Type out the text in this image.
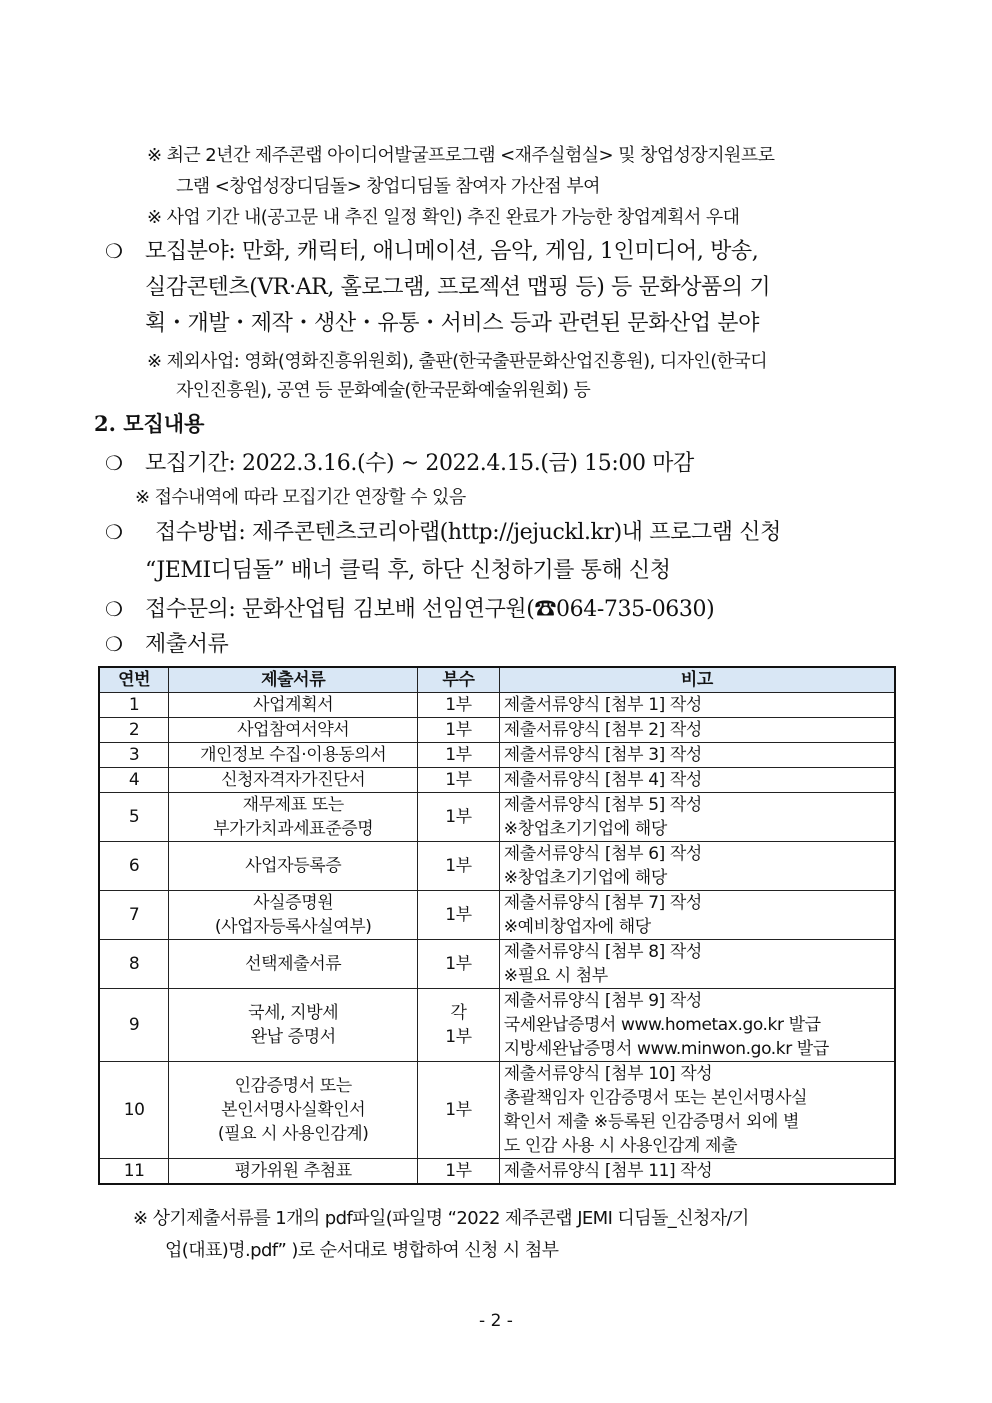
※ 최근 2년간 제주콘랩 아이디어발굴프로그램 <재주실험실> 및 창업성장지원프로
그램 <창업성장디딤돌> 창업디딤돌 참여자 가산점 부여
※ 사업 기간 내(공고문 내 추진 일정 확인) 추진 완료가 가능한 창업계획서 우대
❍ 모집분야: 만화, 캐릭터, 애니메이션, 음악, 게임, 1인미디어, 방송,
실감콘텐츠(VR·AR, 홀로그램, 프로젝션 맵핑 등) 등 문화상품의 기
획・개발・제작・생산・유통・서비스 등과 관련된 문화산업 분야
※ 제외사업: 영화(영화진흥위원회), 출판(한국출판문화산업진흥원), 디자인(한국디
자인진흥원), 공연 등 문화예술(한국문화예술위원회) 등
2. 모집내용
❍ 모집기간: 2022.3.16.(수) ~ 2022.4.15.(금) 15:00 마감
※ 접수내역에 따라 모집기간 연장할 수 있음
❍ 접수방법: 제주콘텐츠코리아랩(http://jejuckl.kr)내 프로그램 신청
“JEMI디딤돌” 배너 클릭 후, 하단 신청하기를 통해 신청
❍ 접수문의: 문화산업팀 김보배 선임연구원(☎064-735-0630)
❍ 제출서류
연번	제출서류	부수	비고
1	사업계획서	1부	제출서류양식 [첨부 1] 작성

2	사업참여서약서	1부	제출서류양식 [첨부 2] 작성

3	개인정보 수집·이용동의서	1부	제출서류양식 [첨부 3] 작성

4	신청자격자가진단서	1부	제출서류양식 [첨부 4] 작성

5	재무제표 또는
부가가치과세표준증명	1부	제출서류양식 [첨부 5] 작성
※창업초기기업에 해당

6	사업자등록증	1부	제출서류양식 [첨부 6] 작성
※창업초기기업에 해당

7	사실증명원
(사업자등록사실여부)	1부	제출서류양식 [첨부 7] 작성
※예비창업자에 해당

8	선택제출서류	1부	제출서류양식 [첨부 8] 작성
※필요 시 첨부

9	국세, 지방세
완납 증명서	각
1부	제출서류양식 [첨부 9] 작성
국세완납증명서 www.hometax.go.kr 발급
지방세완납증명서 www.minwon.go.kr 발급

10	인감증명서 또는
본인서명사실확인서
(필요 시 사용인감계)	1부	제출서류양식 [첨부 10] 작성
총괄책임자 인감증명서 또는 본인서명사실
확인서 제출 ※등록된 인감증명서 외에 별
도 인감 사용 시 사용인감계 제출

11	평가위원 추첨표	1부	제출서류양식 [첨부 11] 작성
※ 상기제출서류를 1개의 pdf파일(파일명 “2022 제주콘랩 JEMI 디딤돌_신청자/기
업(대표)명.pdf” )로 순서대로 병합하여 신청 시 첨부
- 2 -
